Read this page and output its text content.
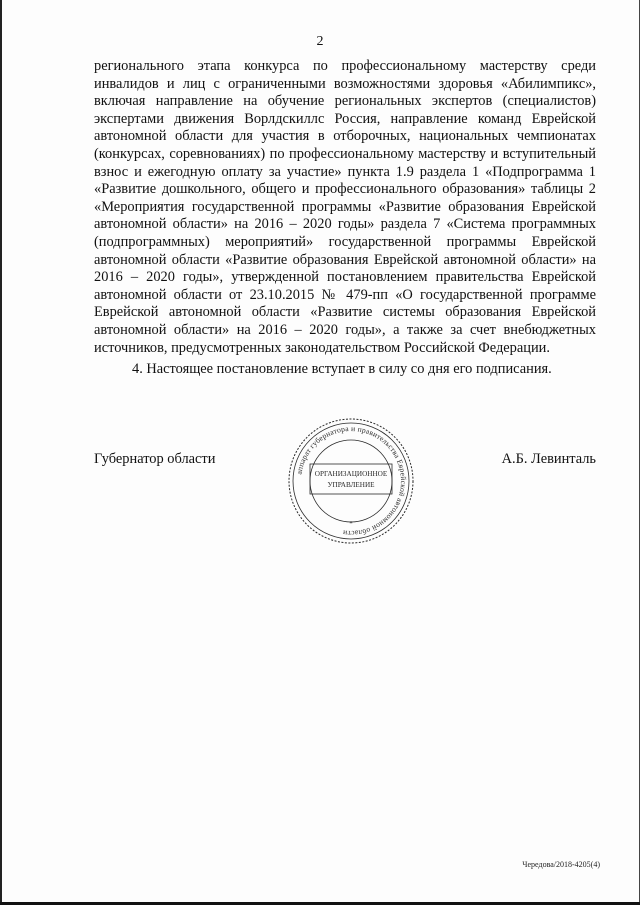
2

регионального этапа конкурса по профессиональному мастерству среди инвалидов и лиц с ограниченными возможностями здоровья «Абилимпикс», включая направление на обучение региональных экспертов (специалистов) экспертами движения Ворлдскиллс Россия, направление команд Еврейской автономной области для участия в отборочных, национальных чемпионатах (конкурсах, соревнованиях) по профессиональному мастерству и вступительный взнос и ежегодную оплату за участие» пункта 1.9 раздела 1 «Подпрограмма 1 «Развитие дошкольного, общего и профессионального образования» таблицы 2 «Мероприятия государственной программы «Развитие образования Еврейской автономной области» на 2016 – 2020 годы» раздела 7 «Система программных (подпрограммных) мероприятий» государственной программы Еврейской автономной области «Развитие образования Еврейской автономной области» на 2016 – 2020 годы», утвержденной постановлением правительства Еврейской автономной области от 23.10.2015 № 479-пп «О государственной программе Еврейской автономной области «Развитие системы образования Еврейской автономной области» на 2016 – 2020 годы», а также за счет внебюджетных источников, предусмотренных законодательством Российской Федерации.

4. Настоящее постановление вступает в силу со дня его подписания.

Губернатор области	А.Б. Левинталь
аппарат губернатора и правительства Еврейской автономной области
ОРГАНИЗАЦИОННОЕ
УПРАВЛЕНИЕ
*
Чередова/2018-4205(4)
